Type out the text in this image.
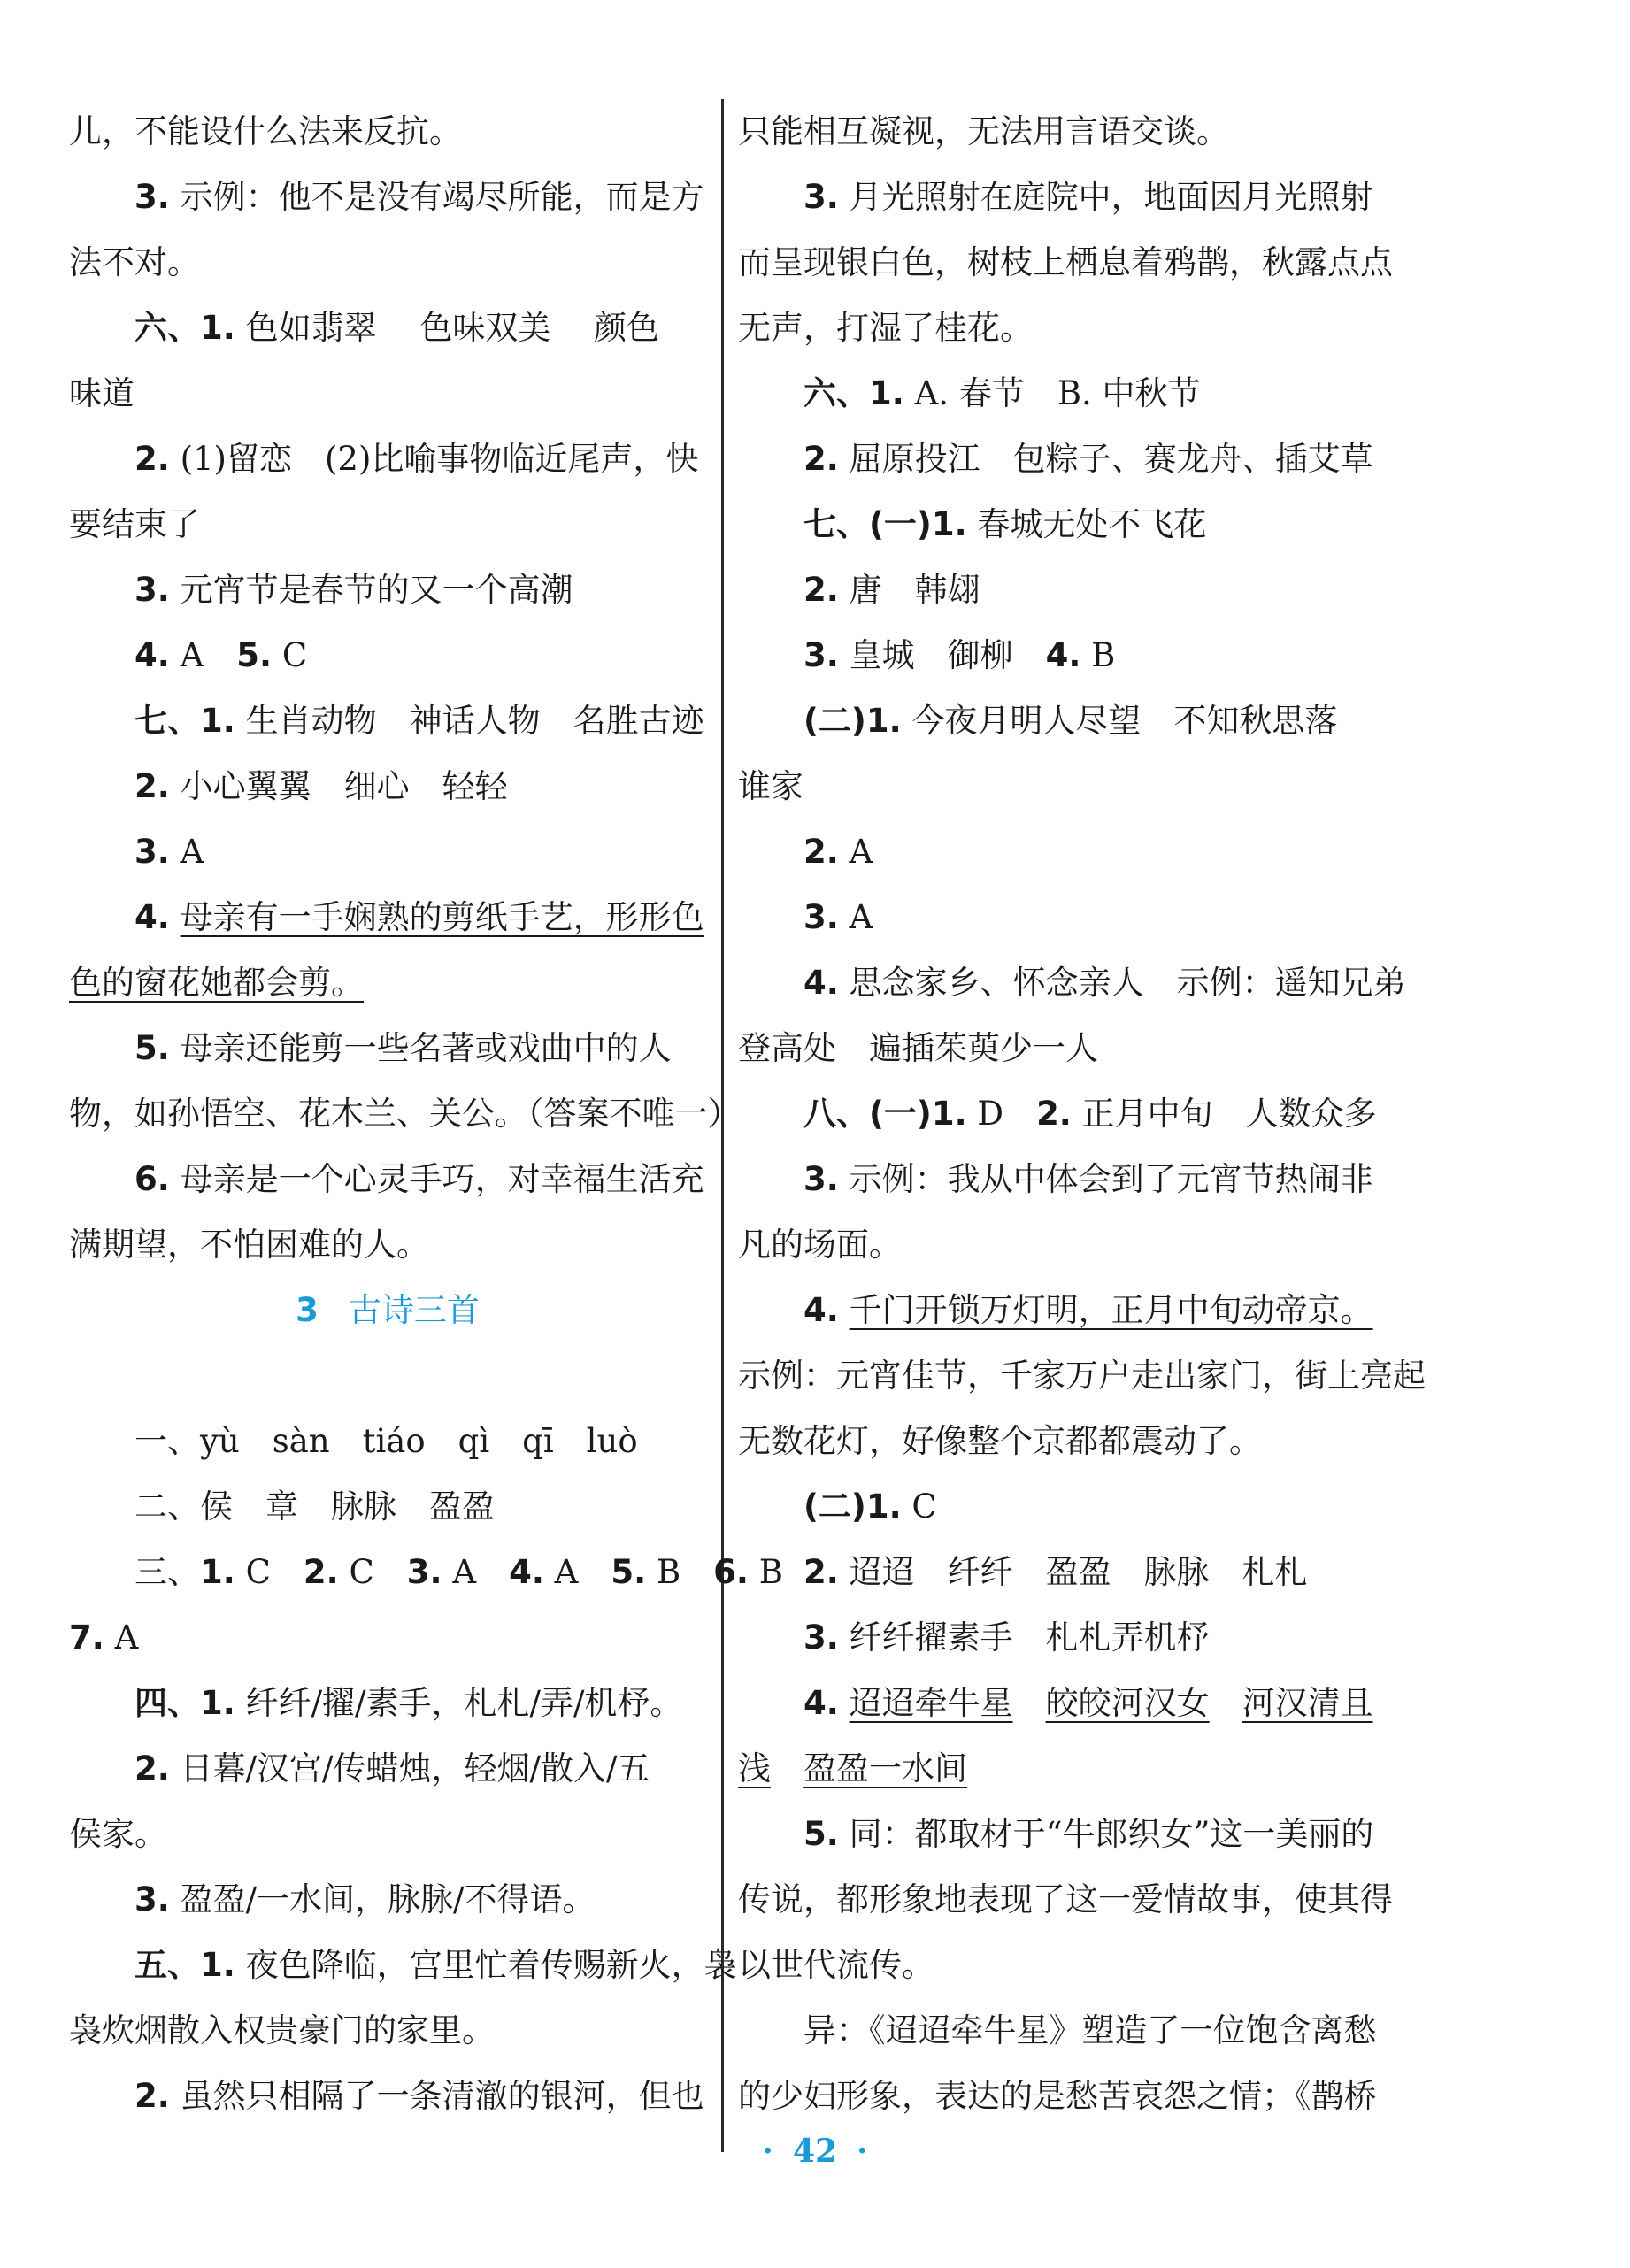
儿，不能设什么法来反抗。
3. 示例：他不是没有竭尽所能，而是方
法不对。
六、1. 色如翡翠　 色味双美　 颜色
味道
2. (1)留恋　(2)比喻事物临近尾声，快
要结束了
3. 元宵节是春节的又一个高潮
4. A　5. C
七、1. 生肖动物　神话人物　名胜古迹
2. 小心翼翼　细心　轻轻
3. A
4. 母亲有一手娴熟的剪纸手艺，形形色
色的窗花她都会剪。
5. 母亲还能剪一些名著或戏曲中的人
物，如孙悟空、花木兰、关公。（答案不唯一）
6. 母亲是一个心灵手巧，对幸福生活充
满期望，不怕困难的人。
3 古诗三首
一、yù　sàn　tiáo　qì　qī　luò
二、侯　章　脉脉　盈盈
三、1. C　2. C　3. A　4. A　5. B　6. B
7. A
四、1. 纤纤/擢/素手，札札/弄/机杼。
2. 日暮/汉宫/传蜡烛，轻烟/散入/五
侯家。
3. 盈盈/一水间，脉脉/不得语。
五、1. 夜色降临，宫里忙着传赐新火，袅
袅炊烟散入权贵豪门的家里。
2. 虽然只相隔了一条清澈的银河，但也
只能相互凝视，无法用言语交谈。
3. 月光照射在庭院中，地面因月光照射
而呈现银白色，树枝上栖息着鸦鹊，秋露点点
无声，打湿了桂花。
六、1. A. 春节　B. 中秋节
2. 屈原投江　包粽子、赛龙舟、插艾草
七、(一)1. 春城无处不飞花
2. 唐　韩翃
3. 皇城　御柳　4. B
(二)1. 今夜月明人尽望　不知秋思落
谁家
2. A
3. A
4. 思念家乡、怀念亲人　示例：遥知兄弟
登高处　遍插茱萸少一人
八、(一)1. D　2. 正月中旬　人数众多
3. 示例：我从中体会到了元宵节热闹非
凡的场面。
4. 千门开锁万灯明，正月中旬动帝京。
示例：元宵佳节，千家万户走出家门，街上亮起
无数花灯，好像整个京都都震动了。
(二)1. C
2. 迢迢　纤纤　盈盈　脉脉　札札
3. 纤纤擢素手　札札弄机杼
4. 迢迢牵牛星　 皎皎河汉女　 河汉清且
浅　 盈盈一水间
5. 同：都取材于“牛郎织女”这一美丽的
传说，都形象地表现了这一爱情故事，使其得
以世代流传。
异：《迢迢牵牛星》塑造了一位饱含离愁
的少妇形象，表达的是愁苦哀怨之情；《鹊桥
· 42 ·
